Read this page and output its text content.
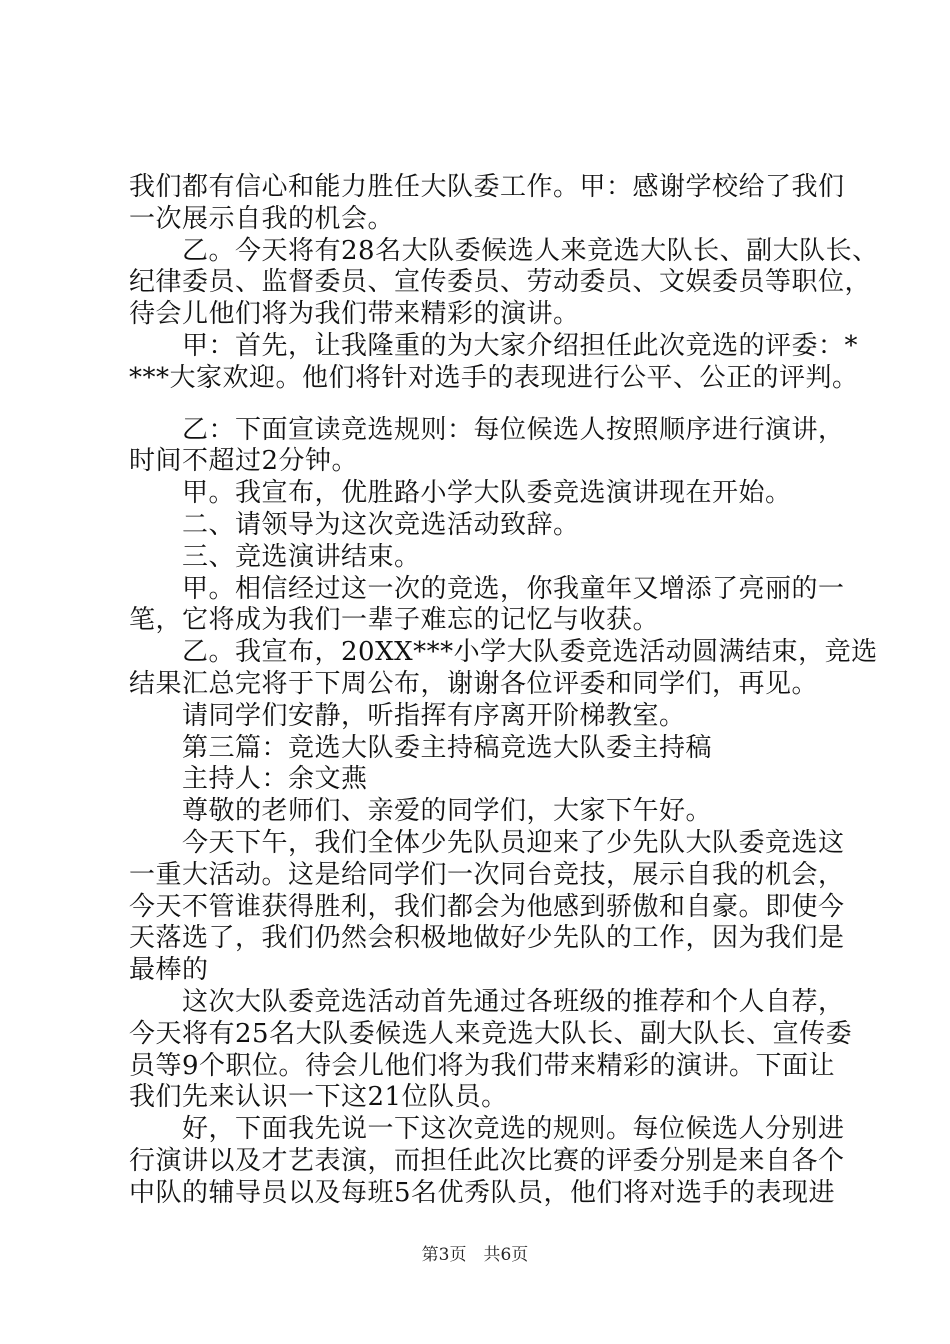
我们都有信心和能力胜任大队委工作。甲：感谢学校给了我们
一次展示自我的机会。
　　乙。今天将有28名大队委候选人来竞选大队长、副大队长、
纪律委员、监督委员、宣传委员、劳动委员、文娱委员等职位，
待会儿他们将为我们带来精彩的演讲。
　　甲：首先，让我隆重的为大家介绍担任此次竞选的评委：*
***大家欢迎。他们将针对选手的表现进行公平、公正的评判。
　　乙：下面宣读竞选规则：每位候选人按照顺序进行演讲，
时间不超过2分钟。
　　甲。我宣布，优胜路小学大队委竞选演讲现在开始。
　　二、请领导为这次竞选活动致辞。
　　三、竞选演讲结束。
　　甲。相信经过这一次的竞选，你我童年又增添了亮丽的一
笔，它将成为我们一辈子难忘的记忆与收获。
　　乙。我宣布，20XX***小学大队委竞选活动圆满结束，竞选
结果汇总完将于下周公布，谢谢各位评委和同学们，再见。
　　请同学们安静，听指挥有序离开阶梯教室。
　　第三篇：竞选大队委主持稿竞选大队委主持稿
　　主持人：余文燕
　　尊敬的老师们、亲爱的同学们，大家下午好。
　　今天下午，我们全体少先队员迎来了少先队大队委竞选这
一重大活动。这是给同学们一次同台竞技，展示自我的机会，
今天不管谁获得胜利，我们都会为他感到骄傲和自豪。即使今
天落选了，我们仍然会积极地做好少先队的工作，因为我们是
最棒的
　　这次大队委竞选活动首先通过各班级的推荐和个人自荐，
今天将有25名大队委候选人来竞选大队长、副大队长、宣传委
员等9个职位。待会儿他们将为我们带来精彩的演讲。下面让
我们先来认识一下这21位队员。
　　好，下面我先说一下这次竞选的规则。每位候选人分别进
行演讲以及才艺表演，而担任此次比赛的评委分别是来自各个
中队的辅导员以及每班5名优秀队员，他们将对选手的表现进
第3页　共6页
